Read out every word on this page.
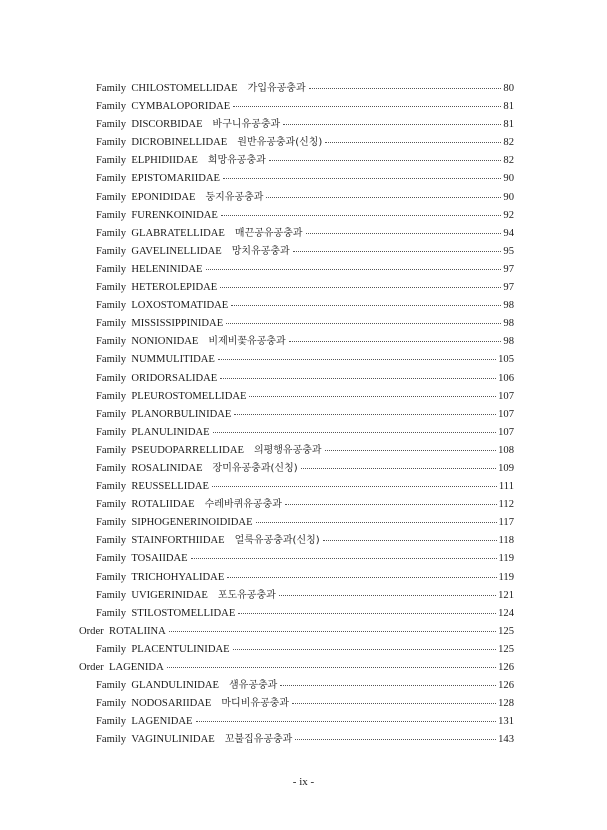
Family CHILOSTOMELLIDAE 가입유공충과	80
Family CYMBALOPORIDAE	81
Family DISCORBIDAE 바구니유공충과	81
Family DICROBINELLIDAE 원반유공충과(신칭)	82
Family ELPHIDIIDAE 희망유공충과	82
Family EPISTOMARIIDAE	90
Family EPONIDIDAE 둥지유공충과	90
Family FURENKOINIDAE	92
Family GLABRATELLIDAE 매끈공유공충과	94
Family GAVELINELLIDAE 망치유공충과	95
Family HELENINIDAE	97
Family HETEROLEPIDAE	97
Family LOXOSTOMATIDAE	98
Family MISSISSIPPINIDAE	98
Family NONIONIDAE 비제비꽃유공충과	98
Family NUMMULITIDAE	105
Family ORIDORSALIDAE	106
Family PLEUROSTOMELLIDAE	107
Family PLANORBULINIDAE	107
Family PLANULINIDAE	107
Family PSEUDOPARRELLIDAE 의평행유공충과	108
Family ROSALINIDAE 장미유공충과(신칭)	109
Family REUSSELLIDAE	111
Family ROTALIIDAE 수레바퀴유공충과	112
Family SIPHOGENERINOIDIDAE	117
Family STAINFORTHIIDAE 얼룩유공충과(신칭)	118
Family TOSAIIDAE	119
Family TRICHOHYALIDAE	119
Family UVIGERINIDAE 포도유공충과	121
Family STILOSTOMELLIDAE	124
Order ROTALIINA	125
Family PLACENTULINIDAE	125
Order LAGENIDA	126
Family GLANDULINIDAE 샘유공충과	126
Family NODOSARIIDAE 마디비유공충과	128
Family LAGENIDAE	131
Family VAGINULINIDAE 꼬불집유공충과	143
- ix -
